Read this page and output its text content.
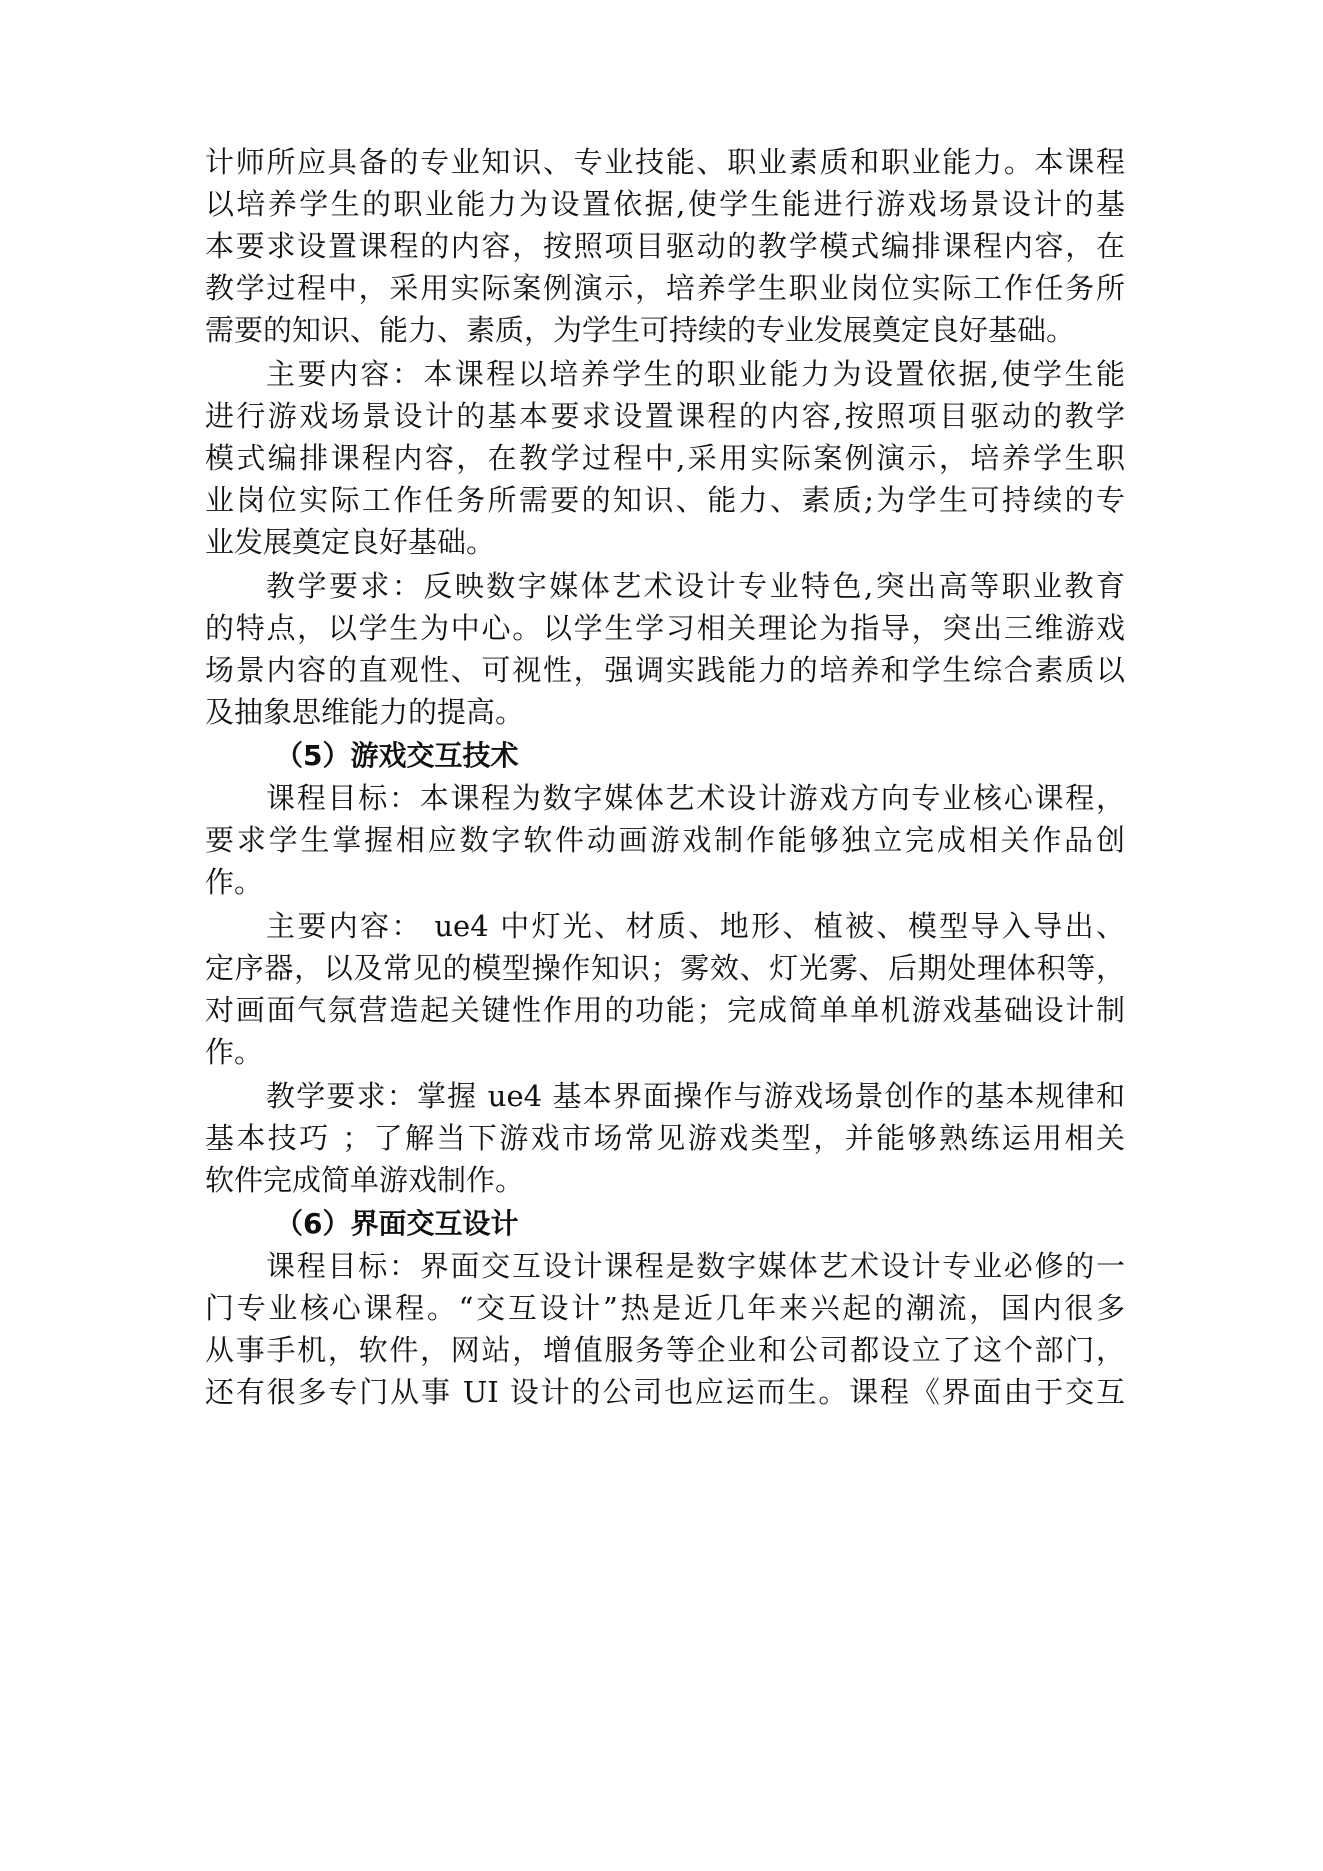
计师所应具备的专业知识、专业技能、职业素质和职业能力。本课程
以培养学生的职业能力为设置依据,使学生能进行游戏场景设计的基
本要求设置课程的内容，按照项目驱动的教学模式编排课程内容，在
教学过程中，采用实际案例演示，培养学生职业岗位实际工作任务所
需要的知识、能力、素质，为学生可持续的专业发展奠定良好基础。
主要内容：本课程以培养学生的职业能力为设置依据,使学生能
进行游戏场景设计的基本要求设置课程的内容,按照项目驱动的教学
模式编排课程内容，在教学过程中,采用实际案例演示，培养学生职
业岗位实际工作任务所需要的知识、能力、素质;为学生可持续的专
业发展奠定良好基础。
教学要求：反映数字媒体艺术设计专业特色,突出高等职业教育
的特点，以学生为中心。以学生学习相关理论为指导，突出三维游戏
场景内容的直观性、可视性，强调实践能力的培养和学生综合素质以
及抽象思维能力的提高。
（5）游戏交互技术
课程目标：本课程为数字媒体艺术设计游戏方向专业核心课程，
要求学生掌握相应数字软件动画游戏制作能够独立完成相关作品创
作。
主要内容： ue4 中灯光、材质、地形、植被、模型导入导出、
定序器，以及常见的模型操作知识；雾效、灯光雾、后期处理体积等，
对画面气氛营造起关键性作用的功能；完成简单单机游戏基础设计制
作。
教学要求：掌握 ue4 基本界面操作与游戏场景创作的基本规律和
基本技巧 ；了解当下游戏市场常见游戏类型，并能够熟练运用相关
软件完成简单游戏制作。
（6）界面交互设计
课程目标：界面交互设计课程是数字媒体艺术设计专业必修的一
门专业核心课程。“交互设计”热是近几年来兴起的潮流，国内很多
从事手机，软件，网站，增值服务等企业和公司都设立了这个部门，
还有很多专门从事 UI 设计的公司也应运而生。课程《界面由于交互
